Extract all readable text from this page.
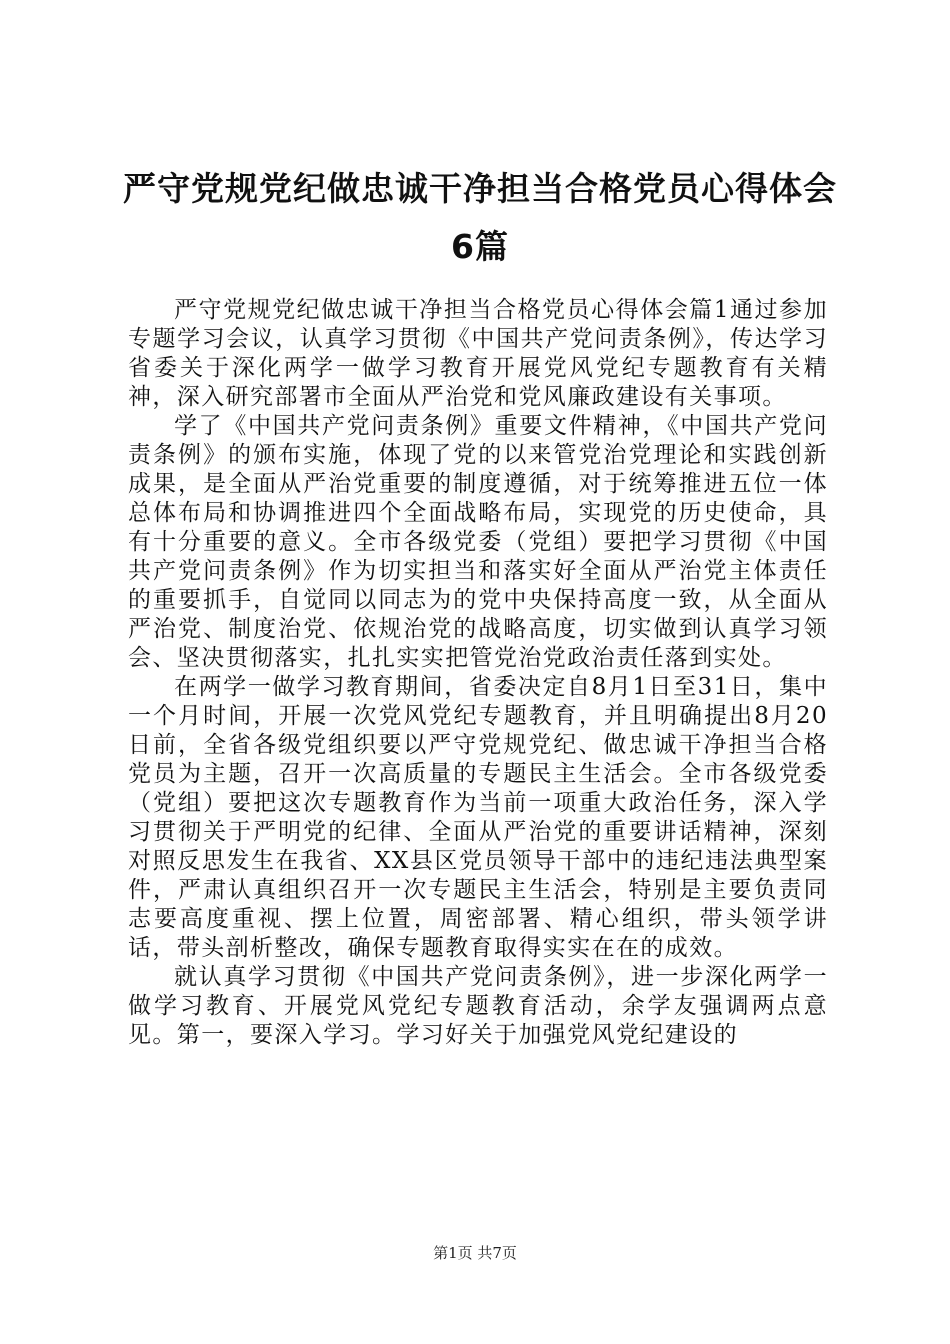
严守党规党纪做忠诚干净担当合格党员心得体会6篇

严守党规党纪做忠诚干净担当合格党员心得体会篇1通过参加专题学习会议，认真学习贯彻《中国共产党问责条例》，传达学习省委关于深化两学一做学习教育开展党风党纪专题教育有关精神，深入研究部署市全面从严治党和党风廉政建设有关事项。

学了《中国共产党问责条例》重要文件精神，《中国共产党问责条例》的颁布实施，体现了党的以来管党治党理论和实践创新成果，是全面从严治党重要的制度遵循，对于统筹推进五位一体总体布局和协调推进四个全面战略布局，实现党的历史使命，具有十分重要的意义。全市各级党委（党组）要把学习贯彻《中国共产党问责条例》作为切实担当和落实好全面从严治党主体责任的重要抓手，自觉同以同志为的党中央保持高度一致，从全面从严治党、制度治党、依规治党的战略高度，切实做到认真学习领会、坚决贯彻落实，扎扎实实把管党治党政治责任落到实处。

在两学一做学习教育期间，省委决定自8月1日至31日，集中一个月时间，开展一次党风党纪专题教育，并且明确提出8月20日前，全省各级党组织要以严守党规党纪、做忠诚干净担当合格党员为主题，召开一次高质量的专题民主生活会。全市各级党委（党组）要把这次专题教育作为当前一项重大政治任务，深入学习贯彻关于严明党的纪律、全面从严治党的重要讲话精神，深刻对照反思发生在我省、XX县区党员领导干部中的违纪违法典型案件，严肃认真组织召开一次专题民主生活会，特别是主要负责同志要高度重视、摆上位置，周密部署、精心组织，带头领学讲话，带头剖析整改，确保专题教育取得实实在在的成效。

就认真学习贯彻《中国共产党问责条例》，进一步深化两学一做学习教育、开展党风党纪专题教育活动，余学友强调两点意见。第一，要深入学习。学习好关于加强党风党纪建设的

第1页 共7页
